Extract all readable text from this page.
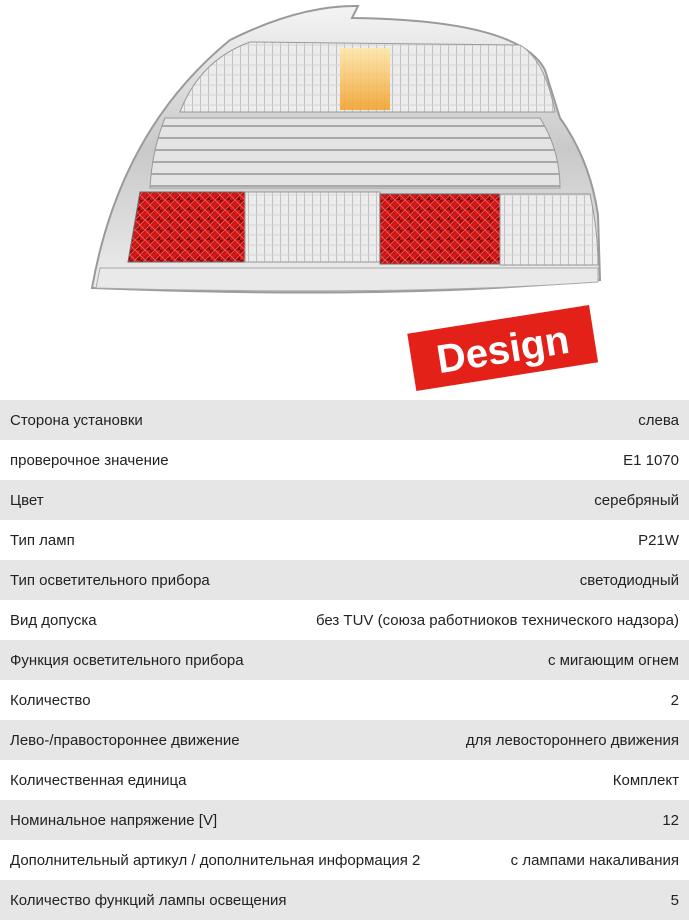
Design
Сторона установки	слева
проверочное значение	E1 1070
Цвет	серебряный
Тип ламп	P21W
Тип осветительного прибора	светодиодный
Вид допуска	без TUV (союза работниоков технического надзора)
Функция осветительного прибора	с мигающим огнем
Количество	2
Лево-/правостороннее движение	для левостороннего движения
Количественная единица	Комплект
Номинальное напряжение [V]	12
Дополнительный артикул / дополнительная информация 2	с лампами накаливания
Количество функций лампы освещения	5
